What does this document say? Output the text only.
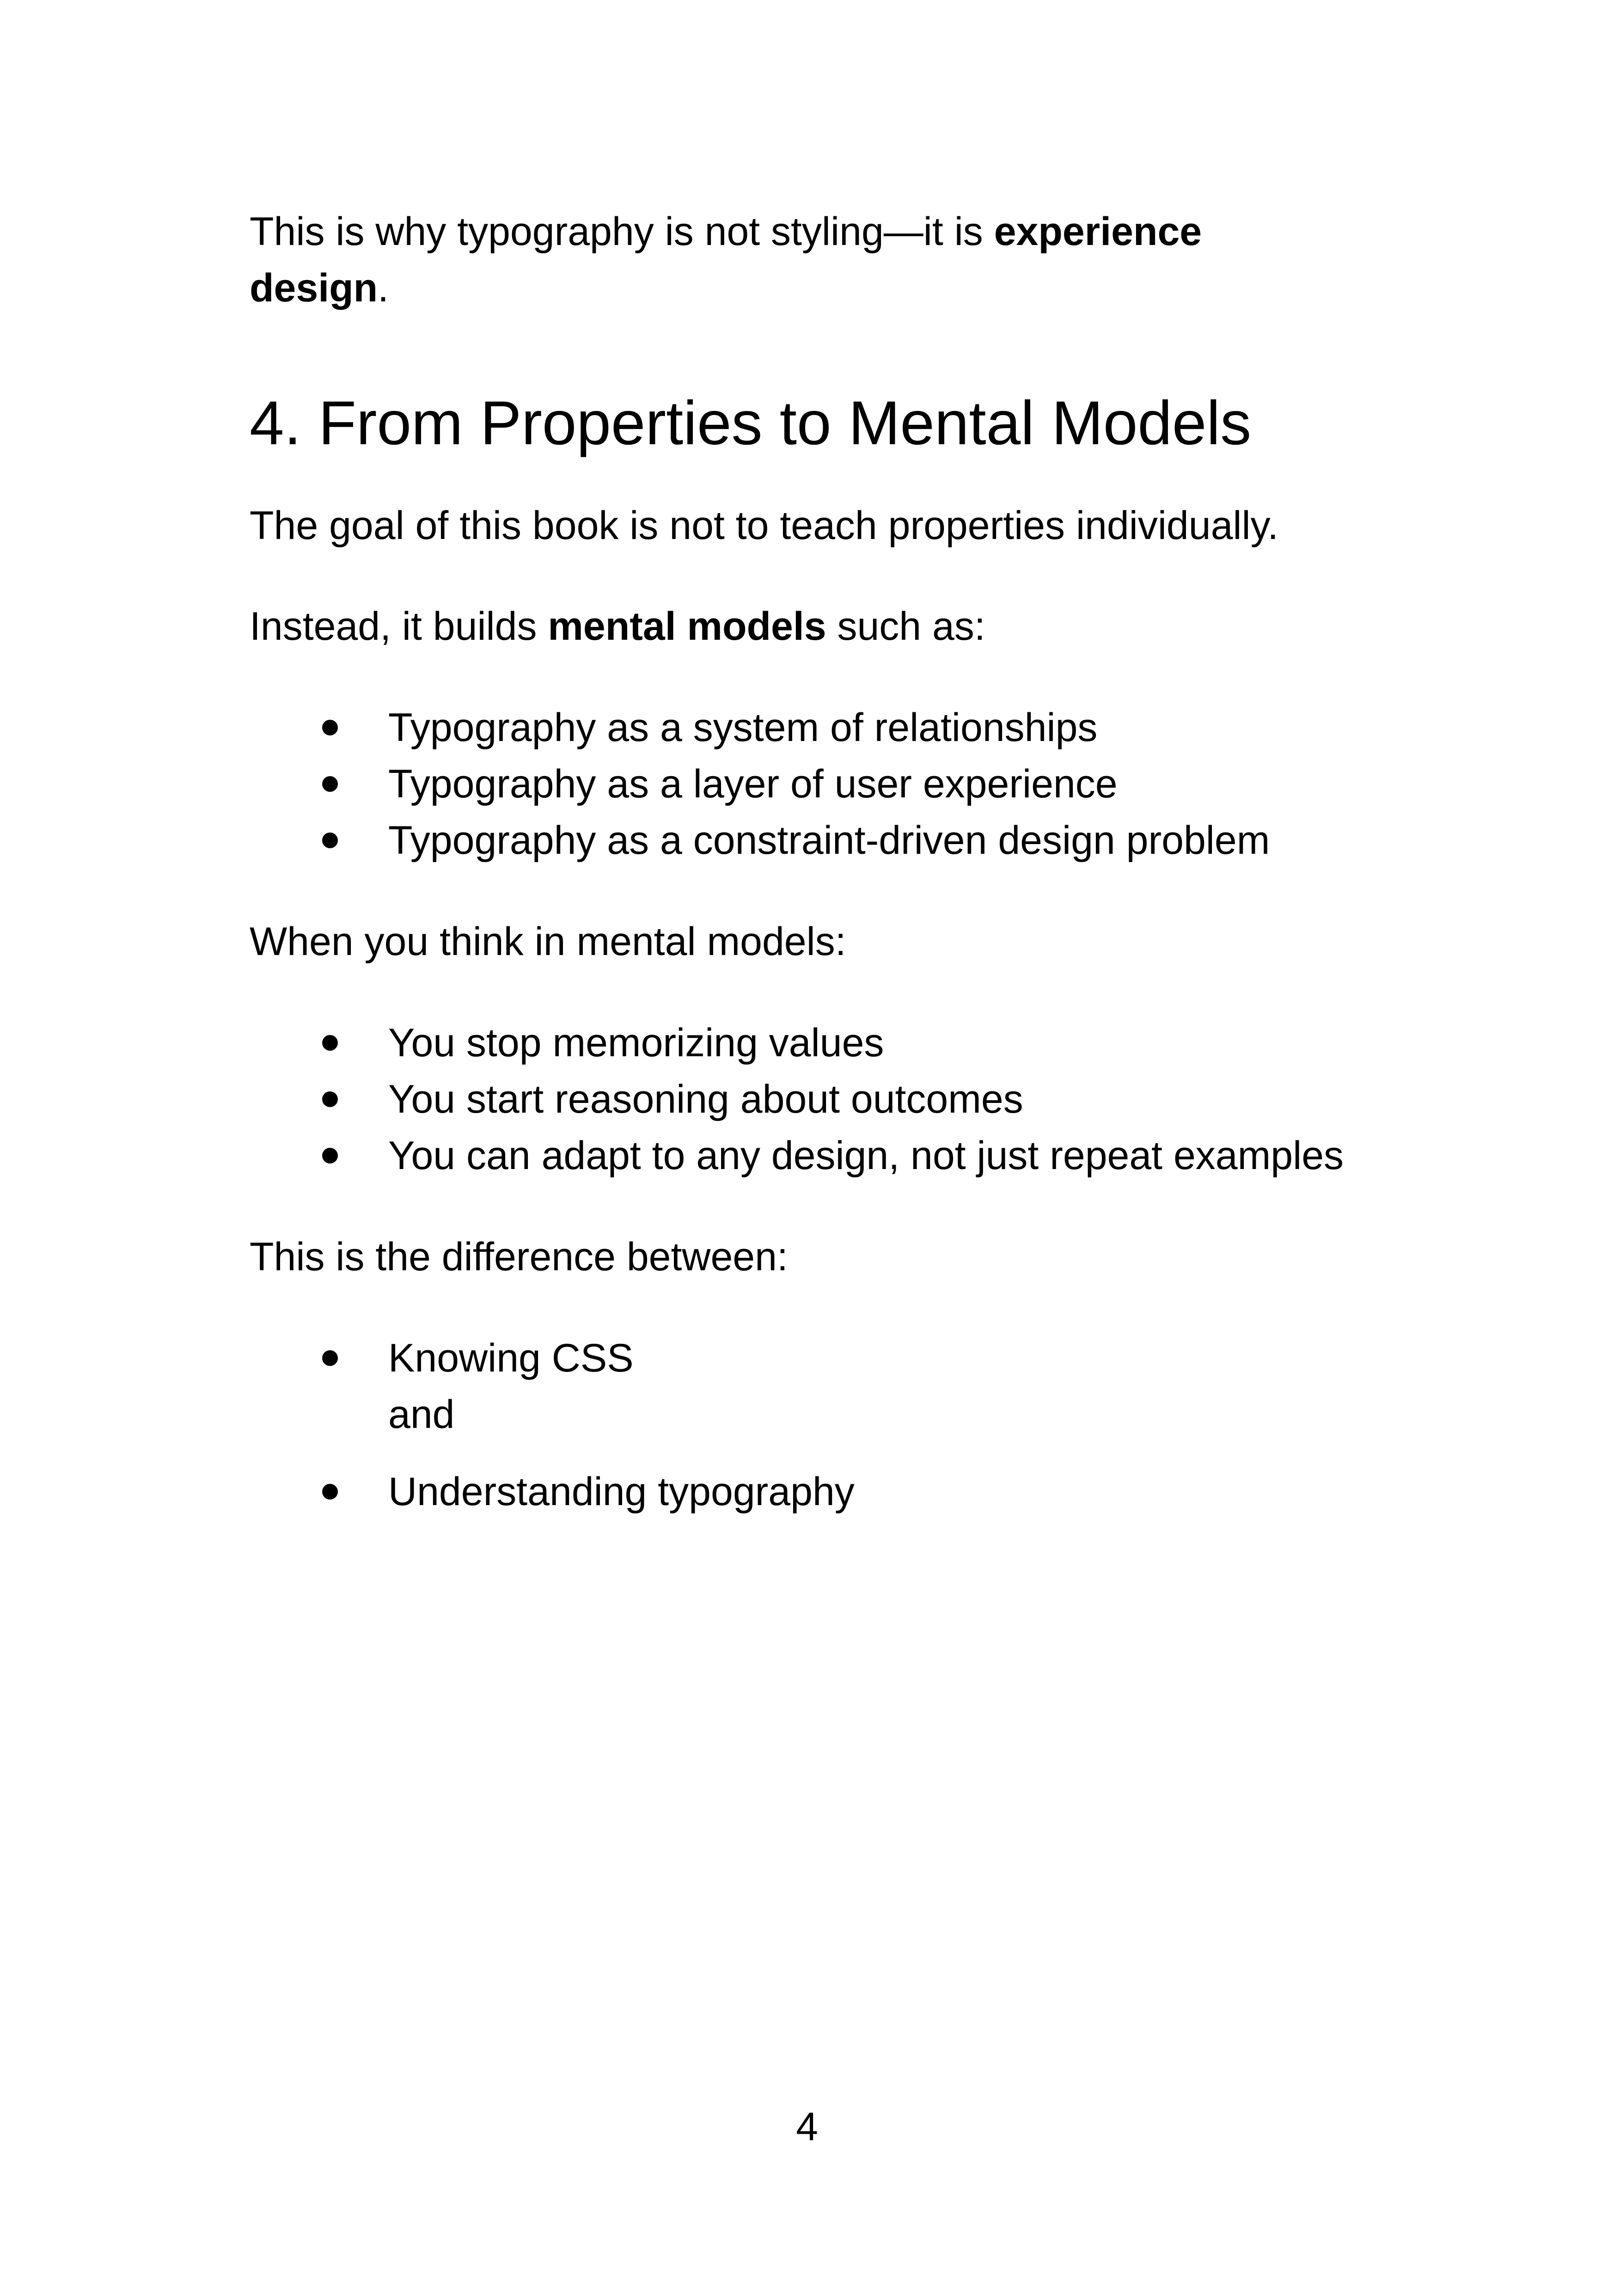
This is why typography is not styling—it is experience

design.

4. From Properties to Mental Models

The goal of this book is not to teach properties individually.

Instead, it builds mental models such as:

Typography as a system of relationships
Typography as a layer of user experience
Typography as a constraint-driven design problem

When you think in mental models:

You stop memorizing values
You start reasoning about outcomes
You can adapt to any design, not just repeat examples

This is the difference between:

Knowing CSS
and
Understanding typography
4
